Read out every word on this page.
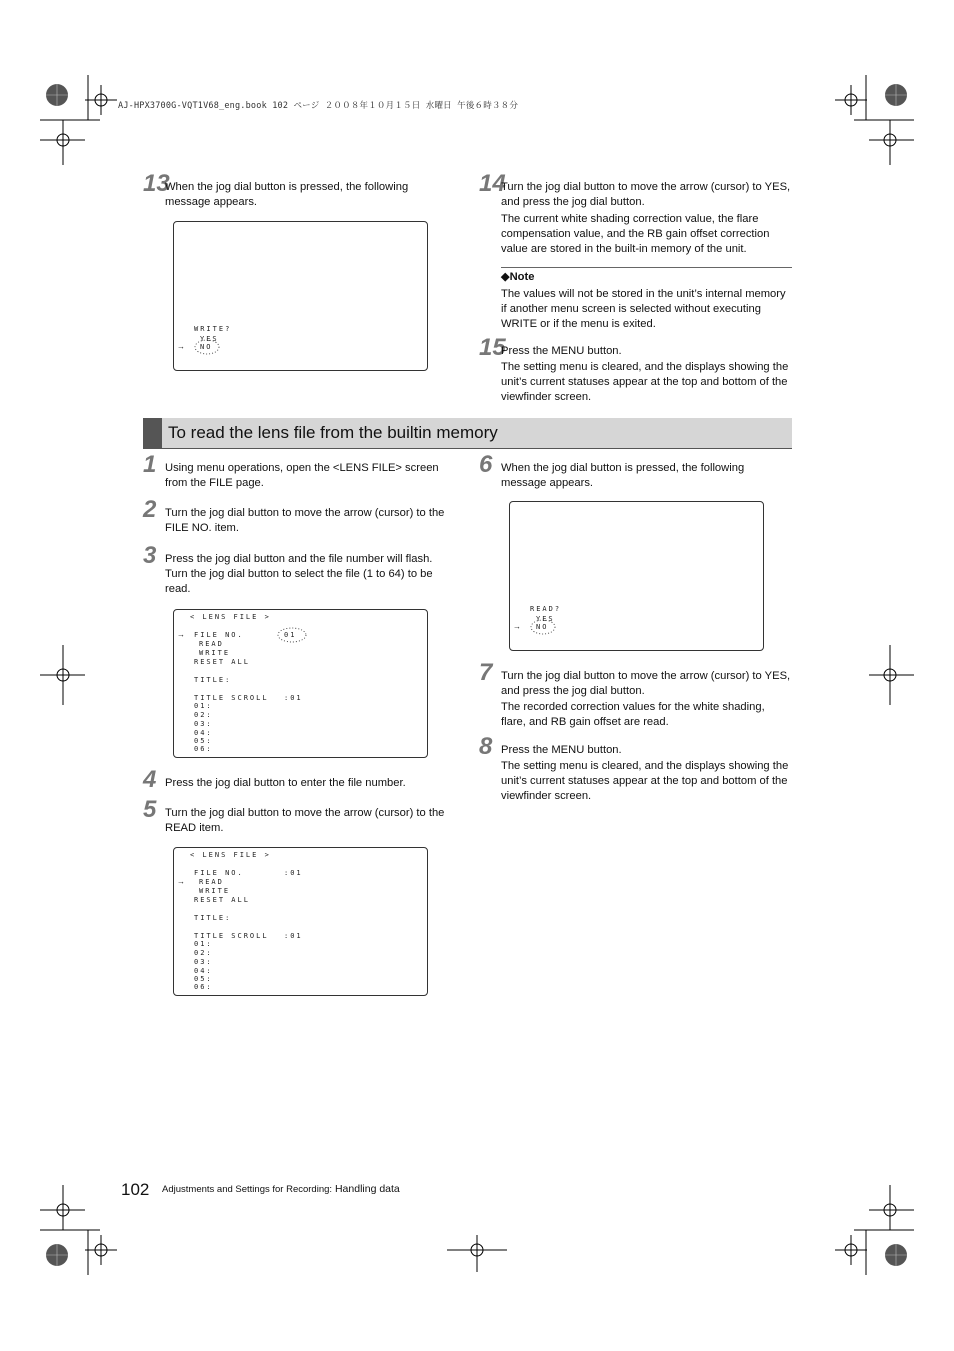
AJ-HPX3700G-VQT1V68_eng.book 102 ページ ２００８年１０月１５日 水曜日 午後６時３８分
13
When the jog dial button is pressed, the following message appears.
WRITE?
YES
→ NO
14
Turn the jog dial button to move the arrow (cursor) to YES, and press the jog dial button.
The current white shading correction value, the flare compensation value, and the RB gain offset correction value are stored in the built-in memory of the unit.
◆Note
The values will not be stored in the unit’s internal memory if another menu screen is selected without executing WRITE or if the menu is exited.
15
Press the MENU button.
The setting menu is cleared, and the displays showing the unit’s current statuses appear at the top and bottom of the viewfinder screen.
To read the lens file from the builtin memory
1 Using menu operations, open the <LENS FILE> screen from the FILE page.
2 Turn the jog dial button to move the arrow (cursor) to the FILE NO. item.
3 Press the jog dial button and the file number will flash. Turn the jog dial button to select the file (1 to 64) to be read.
< LENS FILE >
→ FILE NO.	01
READ
WRITE
RESET ALL
TITLE:
TITLE SCROLL :01
01:
02:
03:
04:
05:
06:
4 Press the jog dial button to enter the file number.
5 Turn the jog dial button to move the arrow (cursor) to the READ item.
< LENS FILE >
FILE NO.	:01
→ READ
WRITE
RESET ALL
TITLE:
TITLE SCROLL :01
01:
02:
03:
04:
05:
06:
6 When the jog dial button is pressed, the following message appears.
READ?
YES
→ NO
7 Turn the jog dial button to move the arrow (cursor) to YES, and press the jog dial button.
The recorded correction values for the white shading, flare, and RB gain offset are read.
8 Press the MENU button.
The setting menu is cleared, and the displays showing the unit’s current statuses appear at the top and bottom of the viewfinder screen.
102 Adjustments and Settings for Recording: Handling data
